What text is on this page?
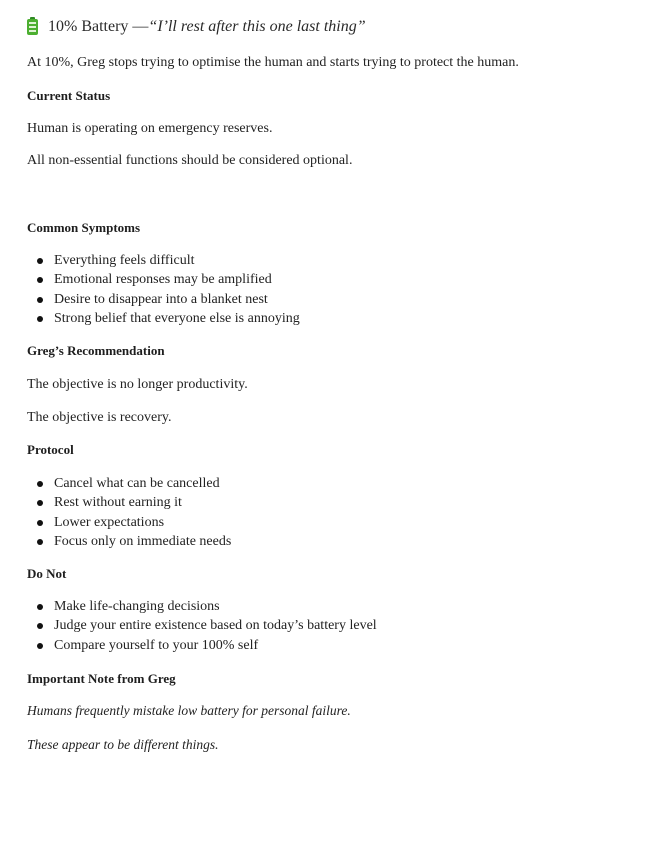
10% Battery — “I’ll rest after this one last thing”
At 10%, Greg stops trying to optimise the human and starts trying to protect the human.
Current Status
Human is operating on emergency reserves.
All non-essential functions should be considered optional.
Common Symptoms
Everything feels difficult
Emotional responses may be amplified
Desire to disappear into a blanket nest
Strong belief that everyone else is annoying
Greg’s Recommendation
The objective is no longer productivity.
The objective is recovery.
Protocol
Cancel what can be cancelled
Rest without earning it
Lower expectations
Focus only on immediate needs
Do Not
Make life-changing decisions
Judge your entire existence based on today’s battery level
Compare yourself to your 100% self
Important Note from Greg
Humans frequently mistake low battery for personal failure.
These appear to be different things.
